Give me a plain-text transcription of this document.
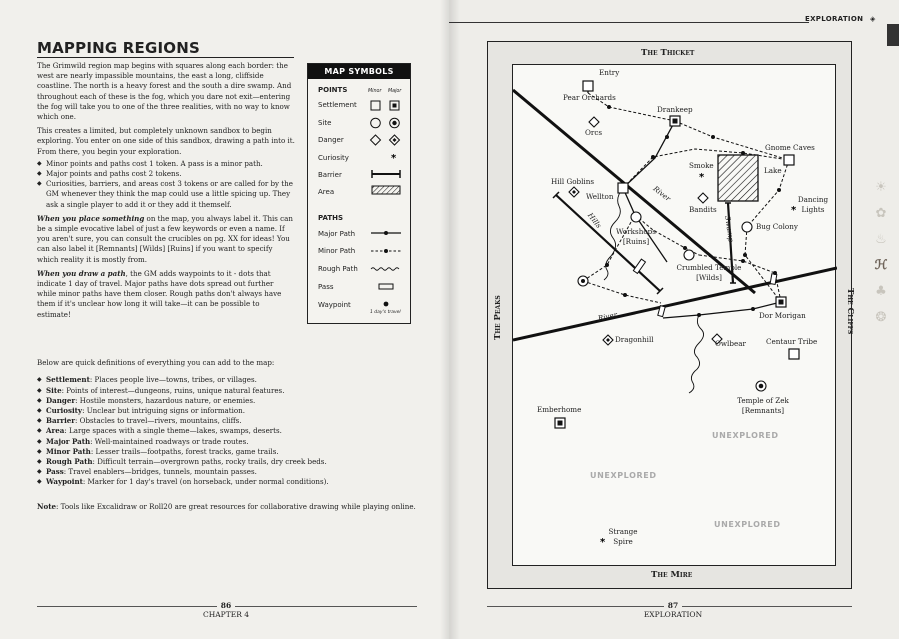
MAPPING REGIONS

The Grimwild region map begins with squares along each border: the west are nearly impassible mountains, the east a long, cliffside coastline. The north is a heavy forest and the south a dire swamp. And throughout each of these is the fog, which you dare not exit—entering the fog will take you to one of the three realities, with no way to know which one.

This creates a limited, but completely unknown sandbox to begin exploring. You enter on one side of this sandbox, drawing a path into it. From there, you begin your exploration.

◆ Minor points and paths cost 1 token. A pass is a minor path.
◆ Major points and paths cost 2 tokens.
◆ Curiosities, barriers, and areas cost 3 tokens or are called for by the GM whenever they think the map could use a little spicing up. They ask a single player to add it or they add it themself.

When you place something on the map, you always label it. This can be a simple evocative label of just a few keywords or even a name. If you aren't sure, you can consult the crucibles on pg. XX for ideas! You can also label it [Remnants] [Wilds] [Ruins] if you want to specify which reality it is mostly from.

When you draw a path, the GM adds waypoints to it - dots that indicate 1 day of travel. Major paths have dots spread out further while minor paths have them closer. Rough paths don't always have them if it's unclear how long it will take—it can be possible to estimate!

Below are quick definitions of everything you can add to the map:

◆ Settlement: Places people live—towns, tribes, or villages.
◆ Site: Points of interest—dungeons, ruins, unique natural features.
◆ Danger: Hostile monsters, hazardous nature, or enemies.
◆ Curiosity: Unclear but intriguing signs or information.
◆ Barrier: Obstacles to travel—rivers, mountains, cliffs.
◆ Area: Large spaces with a single theme—lakes, swamps, deserts.
◆ Major Path: Well-maintained roadways or trade routes.
◆ Minor Path: Lesser trails—footpaths, forest tracks, game trails.
◆ Rough Path: Difficult terrain—overgrown paths, rocky trails, dry creek beds.
◆ Pass: Travel enablers—bridges, tunnels, mountain passes.
◆ Waypoint: Marker for 1 day's travel (on horseback, under normal conditions).

Note: Tools like Excalidraw or Roll20 are great resources for collaborative drawing while playing online.

MAP SYMBOLS
*
POINTS	Minor Major
Settlement
Site
Danger
Curiosity
Barrier
Area
PATHS
Major Path
Minor Path
Rough Path
Pass
Waypoint
1 day's travel
86
CHAPTER 4
EXPLORATION ◈
The Thicket
The Mire
The Peaks	The Cliffs
*
*
*
Entry
Pear Orchards
Drankeep
Orcs
Gnome Caves
Smoke
Lake
Hill Goblins
Wellton	River
Bandits
Dancing
Lights
Hills
Workshops
[Ruins]	Swamp	Bug Colony
Crumbled Temple
[Wilds]
River	Dor Morigan
Dragonhill	Owlbear	Centaur Tribe
Temple of Zek
[Remnants]
Emberhome
Strange
Spire
UNEXPLORED
UNEXPLORED
UNEXPLORED
☀
✿
♨
ℋ
♣
❂
87
EXPLORATION
